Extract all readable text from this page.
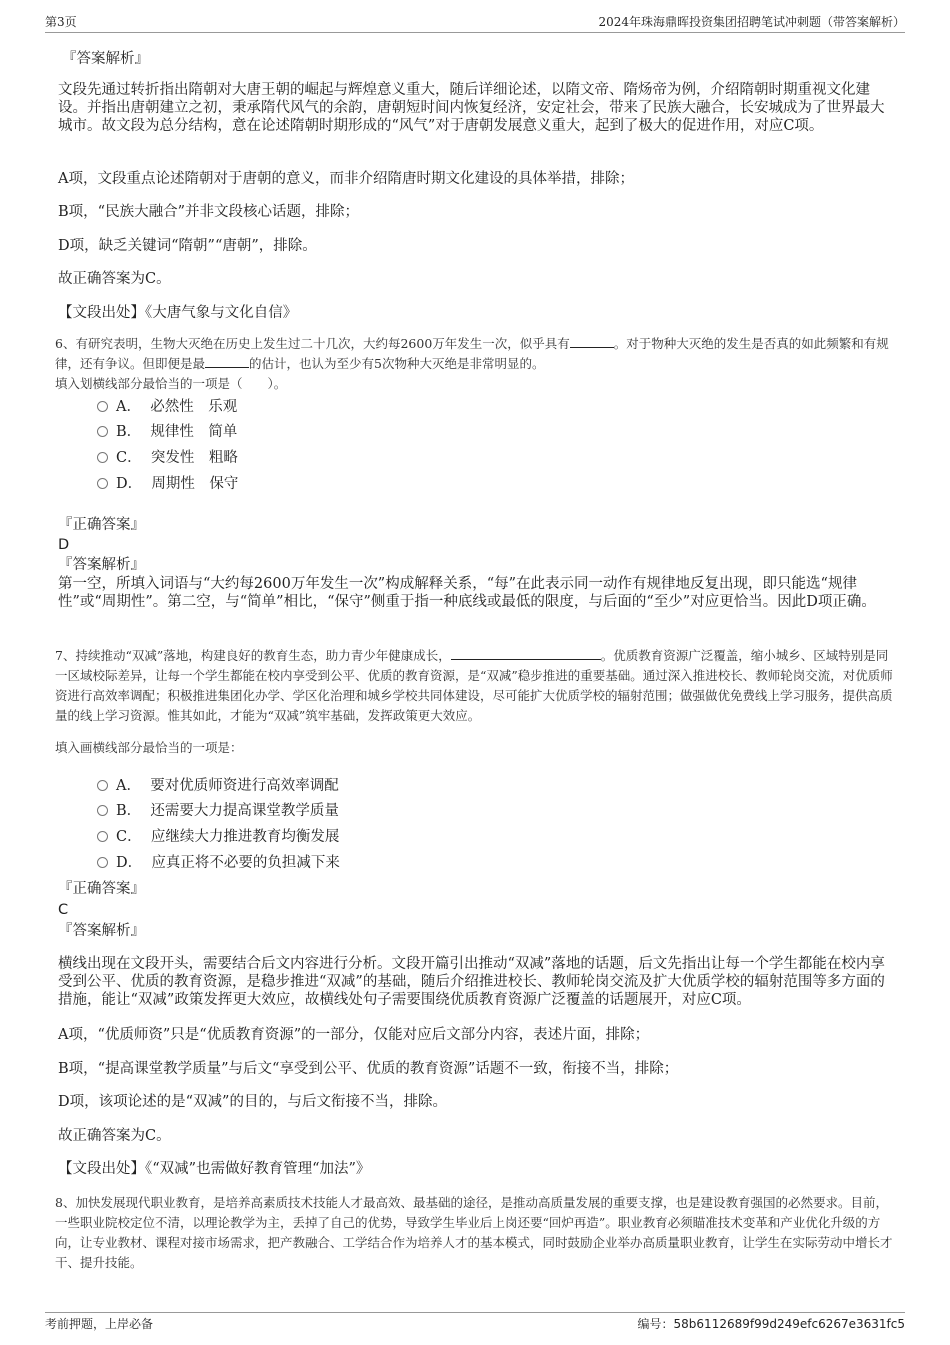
第3页	2024年珠海鼎晖投资集团招聘笔试冲刺题（带答案解析）
『答案解析』
文段先通过转折指出隋朝对大唐王朝的崛起与辉煌意义重大，随后详细论述，以隋文帝、隋炀帝为例，介绍隋朝时期重视文化建设。并指出唐朝建立之初，秉承隋代风气的余韵，唐朝短时间内恢复经济，安定社会，带来了民族大融合，长安城成为了世界最大城市。故文段为总分结构，意在论述隋朝时期形成的“风气”对于唐朝发展意义重大，起到了极大的促进作用，对应C项。
A项，文段重点论述隋朝对于唐朝的意义，而非介绍隋唐时期文化建设的具体举措，排除；
B项，“民族大融合”并非文段核心话题，排除；
D项，缺乏关键词“隋朝”“唐朝”，排除。
故正确答案为C。
【文段出处】《大唐气象与文化自信》
6、有研究表明，生物大灭绝在历史上发生过二十几次，大约每2600万年发生一次，似乎具有	。对于物种大灭绝的发生是否真的如此频繁和有规律，还有争议。但即便是最	的估计，也认为至少有5次物种大灭绝是非常明显的。
填入划横线部分最恰当的一项是（　　）。
A． 必然性　乐观
B． 规律性　简单
C． 突发性　粗略
D． 周期性　保守
『正确答案』
D
『答案解析』
第一空，所填入词语与“大约每2600万年发生一次”构成解释关系，“每”在此表示同一动作有规律地反复出现，即只能选“规律性”或“周期性”。第二空，与“简单”相比，“保守”侧重于指一种底线或最低的限度，与后面的“至少”对应更恰当。因此D项正确。
7、持续推动“双减”落地，构建良好的教育生态，助力青少年健康成长，	。优质教育资源广泛覆盖，缩小城乡、区域特别是同一区域校际差异，让每一个学生都能在校内享受到公平、优质的教育资源，是“双减”稳步推进的重要基础。通过深入推进校长、教师轮岗交流，对优质师资进行高效率调配；积极推进集团化办学、学区化治理和城乡学校共同体建设，尽可能扩大优质学校的辐射范围；做强做优免费线上学习服务，提供高质量的线上学习资源。惟其如此，才能为“双减”筑牢基础，发挥政策更大效应。
填入画横线部分最恰当的一项是：
A． 要对优质师资进行高效率调配
B． 还需要大力提高课堂教学质量
C． 应继续大力推进教育均衡发展
D． 应真正将不必要的负担减下来
『正确答案』
C
『答案解析』
横线出现在文段开头，需要结合后文内容进行分析。文段开篇引出推动“双减”落地的话题，后文先指出让每一个学生都能在校内享受到公平、优质的教育资源，是稳步推进“双减”的基础，随后介绍推进校长、教师轮岗交流及扩大优质学校的辐射范围等多方面的措施，能让“双减”政策发挥更大效应，故横线处句子需要围绕优质教育资源广泛覆盖的话题展开，对应C项。
A项，“优质师资”只是“优质教育资源”的一部分，仅能对应后文部分内容，表述片面，排除；
B项，“提高课堂教学质量”与后文“享受到公平、优质的教育资源”话题不一致，衔接不当，排除；
D项，该项论述的是“双减”的目的，与后文衔接不当，排除。
故正确答案为C。
【文段出处】《“双减”也需做好教育管理“加法”》
8、加快发展现代职业教育，是培养高素质技术技能人才最高效、最基础的途径，是推动高质量发展的重要支撑，也是建设教育强国的必然要求。目前，一些职业院校定位不清，以理论教学为主，丢掉了自己的优势，导致学生毕业后上岗还要“回炉再造”。职业教育必须瞄准技术变革和产业优化升级的方向，让专业教材、课程对接市场需求，把产教融合、工学结合作为培养人才的基本模式，同时鼓励企业举办高质量职业教育，让学生在实际劳动中增长才干、提升技能。
考前押题，上岸必备	编号：58b6112689f99d249efc6267e3631fc5
